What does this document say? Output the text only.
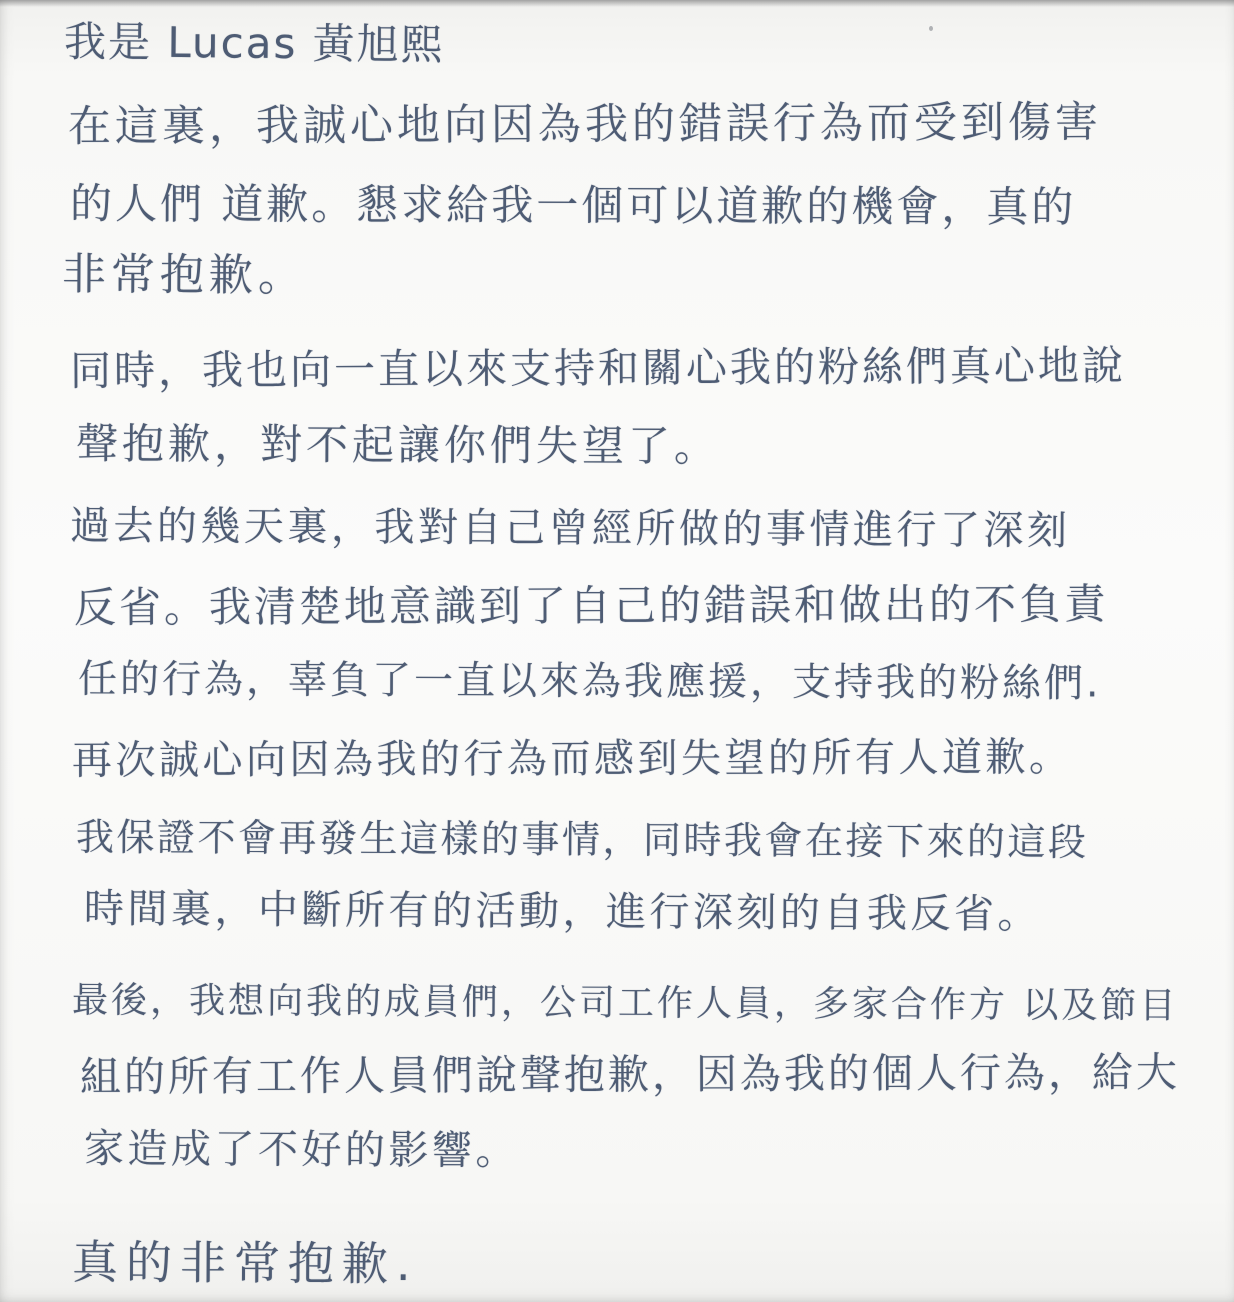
我是 Lucas 黃旭熙
在這裏，我誠心地向因為我的錯誤行為而受到傷害
的人們 道歉。懇求給我一個可以道歉的機會，真的
非常抱歉。
同時，我也向一直以來支持和關心我的粉絲們真心地說
聲抱歉，對不起讓你們失望了。
過去的幾天裏，我對自己曾經所做的事情進行了深刻
反省。我清楚地意識到了自己的錯誤和做出的不負責
任的行為，辜負了一直以來為我應援，支持我的粉絲們.
再次誠心向因為我的行為而感到失望的所有人道歉。
我保證不會再發生這樣的事情，同時我會在接下來的這段
時間裏，中斷所有的活動，進行深刻的自我反省。
最後，我想向我的成員們，公司工作人員，多家合作方 以及節目
組的所有工作人員們說聲抱歉，因為我的個人行為，給大
家造成了不好的影響。
真的非常抱歉.
